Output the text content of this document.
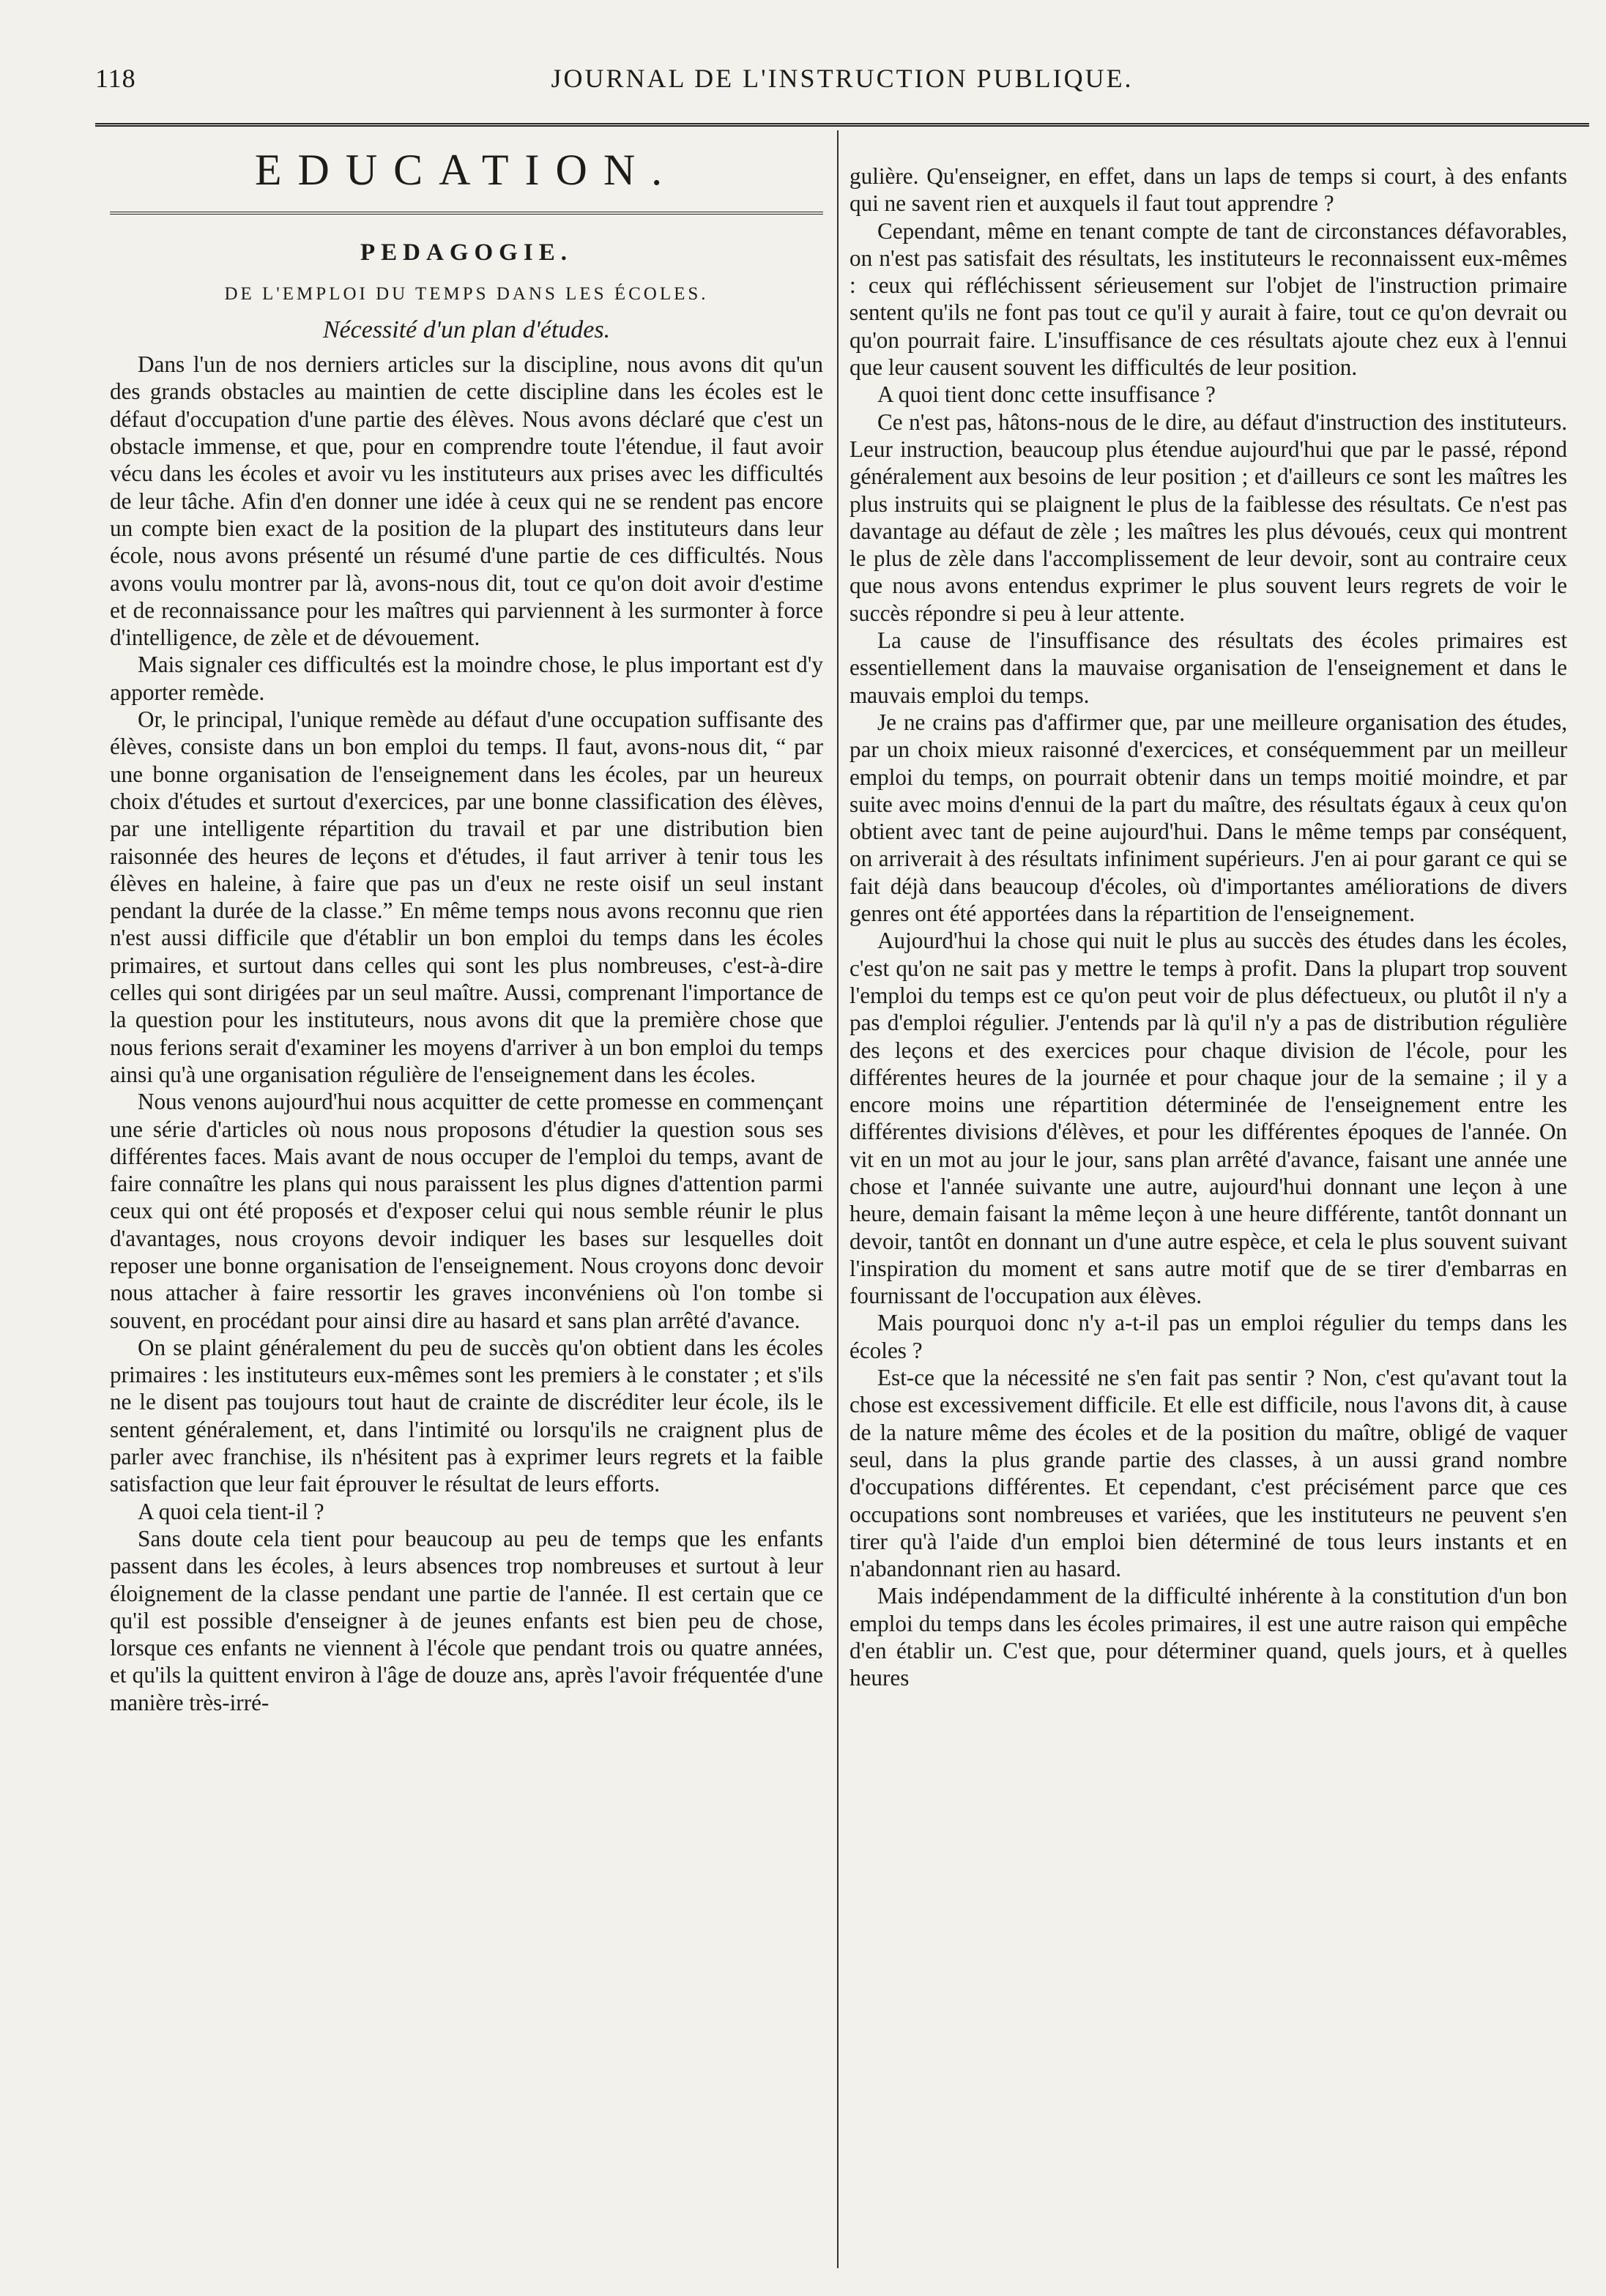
118	JOURNAL DE L'INSTRUCTION PUBLIQUE.
EDUCATION.
PEDAGOGIE.
DE L'EMPLOI DU TEMPS DANS LES ÉCOLES.
Nécessité d'un plan d'études.

Dans l'un de nos derniers articles sur la discipline, nous avons dit qu'un des grands obstacles au maintien de cette discipline dans les écoles est le défaut d'occupation d'une partie des élèves. Nous avons déclaré que c'est un obstacle immense, et que, pour en comprendre toute l'étendue, il faut avoir vécu dans les écoles et avoir vu les instituteurs aux prises avec les difficultés de leur tâche. Afin d'en donner une idée à ceux qui ne se rendent pas encore un compte bien exact de la position de la plupart des instituteurs dans leur école, nous avons présenté un résumé d'une partie de ces difficultés. Nous avons voulu montrer par là, avons-nous dit, tout ce qu'on doit avoir d'estime et de reconnaissance pour les maîtres qui parviennent à les surmonter à force d'intelligence, de zèle et de dévouement.

Mais signaler ces difficultés est la moindre chose, le plus important est d'y apporter remède.

Or, le principal, l'unique remède au défaut d'une occupation suffisante des élèves, consiste dans un bon emploi du temps. Il faut, avons-nous dit, “ par une bonne organisation de l'enseignement dans les écoles, par un heureux choix d'études et surtout d'exercices, par une bonne classification des élèves, par une intelligente répartition du travail et par une distribution bien raisonnée des heures de leçons et d'études, il faut arriver à tenir tous les élèves en haleine, à faire que pas un d'eux ne reste oisif un seul instant pendant la durée de la classe.” En même temps nous avons reconnu que rien n'est aussi difficile que d'établir un bon emploi du temps dans les écoles primaires, et surtout dans celles qui sont les plus nombreuses, c'est-à-dire celles qui sont dirigées par un seul maître. Aussi, comprenant l'importance de la question pour les instituteurs, nous avons dit que la première chose que nous ferions serait d'examiner les moyens d'arriver à un bon emploi du temps ainsi qu'à une organisation régulière de l'enseignement dans les écoles.

Nous venons aujourd'hui nous acquitter de cette promesse en commençant une série d'articles où nous nous proposons d'étudier la question sous ses différentes faces. Mais avant de nous occuper de l'emploi du temps, avant de faire connaître les plans qui nous paraissent les plus dignes d'attention parmi ceux qui ont été proposés et d'exposer celui qui nous semble réunir le plus d'avantages, nous croyons devoir indiquer les bases sur lesquelles doit reposer une bonne organisation de l'enseignement. Nous croyons donc devoir nous attacher à faire ressortir les graves inconvéniens où l'on tombe si souvent, en procédant pour ainsi dire au hasard et sans plan arrêté d'avance.

On se plaint généralement du peu de succès qu'on obtient dans les écoles primaires : les instituteurs eux-mêmes sont les premiers à le constater ; et s'ils ne le disent pas toujours tout haut de crainte de discréditer leur école, ils le sentent généralement, et, dans l'intimité ou lorsqu'ils ne craignent plus de parler avec franchise, ils n'hésitent pas à exprimer leurs regrets et la faible satisfaction que leur fait éprouver le résultat de leurs efforts.

A quoi cela tient-il ?

Sans doute cela tient pour beaucoup au peu de temps que les enfants passent dans les écoles, à leurs absences trop nombreuses et surtout à leur éloignement de la classe pendant une partie de l'année. Il est certain que ce qu'il est possible d'enseigner à de jeunes enfants est bien peu de chose, lorsque ces enfants ne viennent à l'école que pendant trois ou quatre années, et qu'ils la quittent environ à l'âge de douze ans, après l'avoir fréquentée d'une manière très-irré-

gulière. Qu'enseigner, en effet, dans un laps de temps si court, à des enfants qui ne savent rien et auxquels il faut tout apprendre ?

Cependant, même en tenant compte de tant de circonstances défavorables, on n'est pas satisfait des résultats, les instituteurs le reconnaissent eux-mêmes : ceux qui réfléchissent sérieusement sur l'objet de l'instruction primaire sentent qu'ils ne font pas tout ce qu'il y aurait à faire, tout ce qu'on devrait ou qu'on pourrait faire. L'insuffisance de ces résultats ajoute chez eux à l'ennui que leur causent souvent les difficultés de leur position.

A quoi tient donc cette insuffisance ?

Ce n'est pas, hâtons-nous de le dire, au défaut d'instruction des instituteurs. Leur instruction, beaucoup plus étendue aujourd'hui que par le passé, répond généralement aux besoins de leur position ; et d'ailleurs ce sont les maîtres les plus instruits qui se plaignent le plus de la faiblesse des résultats. Ce n'est pas davantage au défaut de zèle ; les maîtres les plus dévoués, ceux qui montrent le plus de zèle dans l'accomplissement de leur devoir, sont au contraire ceux que nous avons entendus exprimer le plus souvent leurs regrets de voir le succès répondre si peu à leur attente.

La cause de l'insuffisance des résultats des écoles primaires est essentiellement dans la mauvaise organisation de l'enseignement et dans le mauvais emploi du temps.

Je ne crains pas d'affirmer que, par une meilleure organisation des études, par un choix mieux raisonné d'exercices, et conséquemment par un meilleur emploi du temps, on pourrait obtenir dans un temps moitié moindre, et par suite avec moins d'ennui de la part du maître, des résultats égaux à ceux qu'on obtient avec tant de peine aujourd'hui. Dans le même temps par conséquent, on arriverait à des résultats infiniment supérieurs. J'en ai pour garant ce qui se fait déjà dans beaucoup d'écoles, où d'importantes améliorations de divers genres ont été apportées dans la répartition de l'enseignement.

Aujourd'hui la chose qui nuit le plus au succès des études dans les écoles, c'est qu'on ne sait pas y mettre le temps à profit. Dans la plupart trop souvent l'emploi du temps est ce qu'on peut voir de plus défectueux, ou plutôt il n'y a pas d'emploi régulier. J'entends par là qu'il n'y a pas de distribution régulière des leçons et des exercices pour chaque division de l'école, pour les différentes heures de la journée et pour chaque jour de la semaine ; il y a encore moins une répartition déterminée de l'enseignement entre les différentes divisions d'élèves, et pour les différentes époques de l'année. On vit en un mot au jour le jour, sans plan arrêté d'avance, faisant une année une chose et l'année suivante une autre, aujourd'hui donnant une leçon à une heure, demain faisant la même leçon à une heure différente, tantôt donnant un devoir, tantôt en donnant un d'une autre espèce, et cela le plus souvent suivant l'inspiration du moment et sans autre motif que de se tirer d'embarras en fournissant de l'occupation aux élèves.

Mais pourquoi donc n'y a-t-il pas un emploi régulier du temps dans les écoles ?

Est-ce que la nécessité ne s'en fait pas sentir ? Non, c'est qu'avant tout la chose est excessivement difficile. Et elle est difficile, nous l'avons dit, à cause de la nature même des écoles et de la position du maître, obligé de vaquer seul, dans la plus grande partie des classes, à un aussi grand nombre d'occupations différentes. Et cependant, c'est précisément parce que ces occupations sont nombreuses et variées, que les instituteurs ne peuvent s'en tirer qu'à l'aide d'un emploi bien déterminé de tous leurs instants et en n'abandonnant rien au hasard.

Mais indépendamment de la difficulté inhérente à la constitution d'un bon emploi du temps dans les écoles primaires, il est une autre raison qui empêche d'en établir un. C'est que, pour déterminer quand, quels jours, et à quelles heures
